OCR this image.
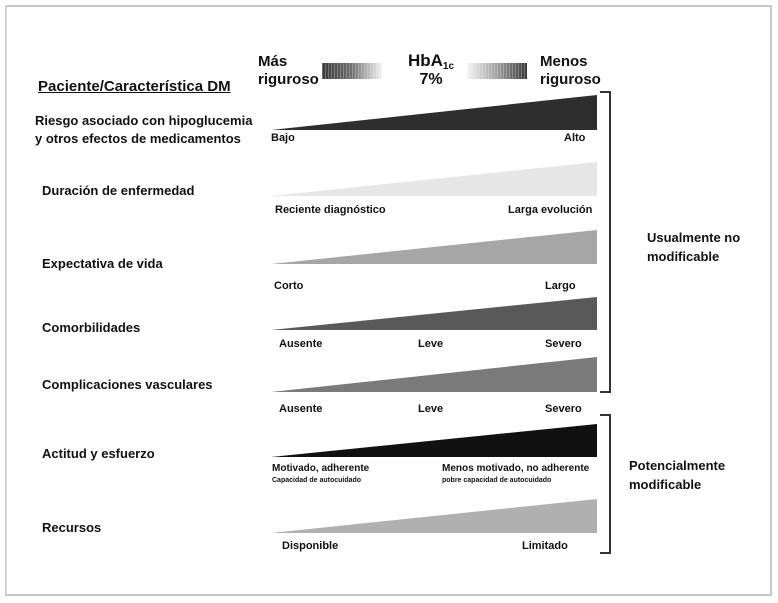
Más riguroso
HbA$_{1c}$
7%
Menos riguroso
Paciente/Característica DM
Riesgo asociado con hipoglucemia y otros efectos de medicamentos
Duración de enfermedad
Expectativa de vida
Comorbilidades
Complicaciones vasculares
Actitud y esfuerzo
Recursos
Bajo	Alto
Reciente diagnóstico	Larga evolución
Corto	Largo
Ausente	Leve	Severo
Ausente	Leve	Severo
Motivado, adherente
Capacidad de autocuidado
Menos motivado, no adherente
pobre capacidad de autocuidado
Disponible	Limitado
Usualmente no modificable
Potencialmente modificable
